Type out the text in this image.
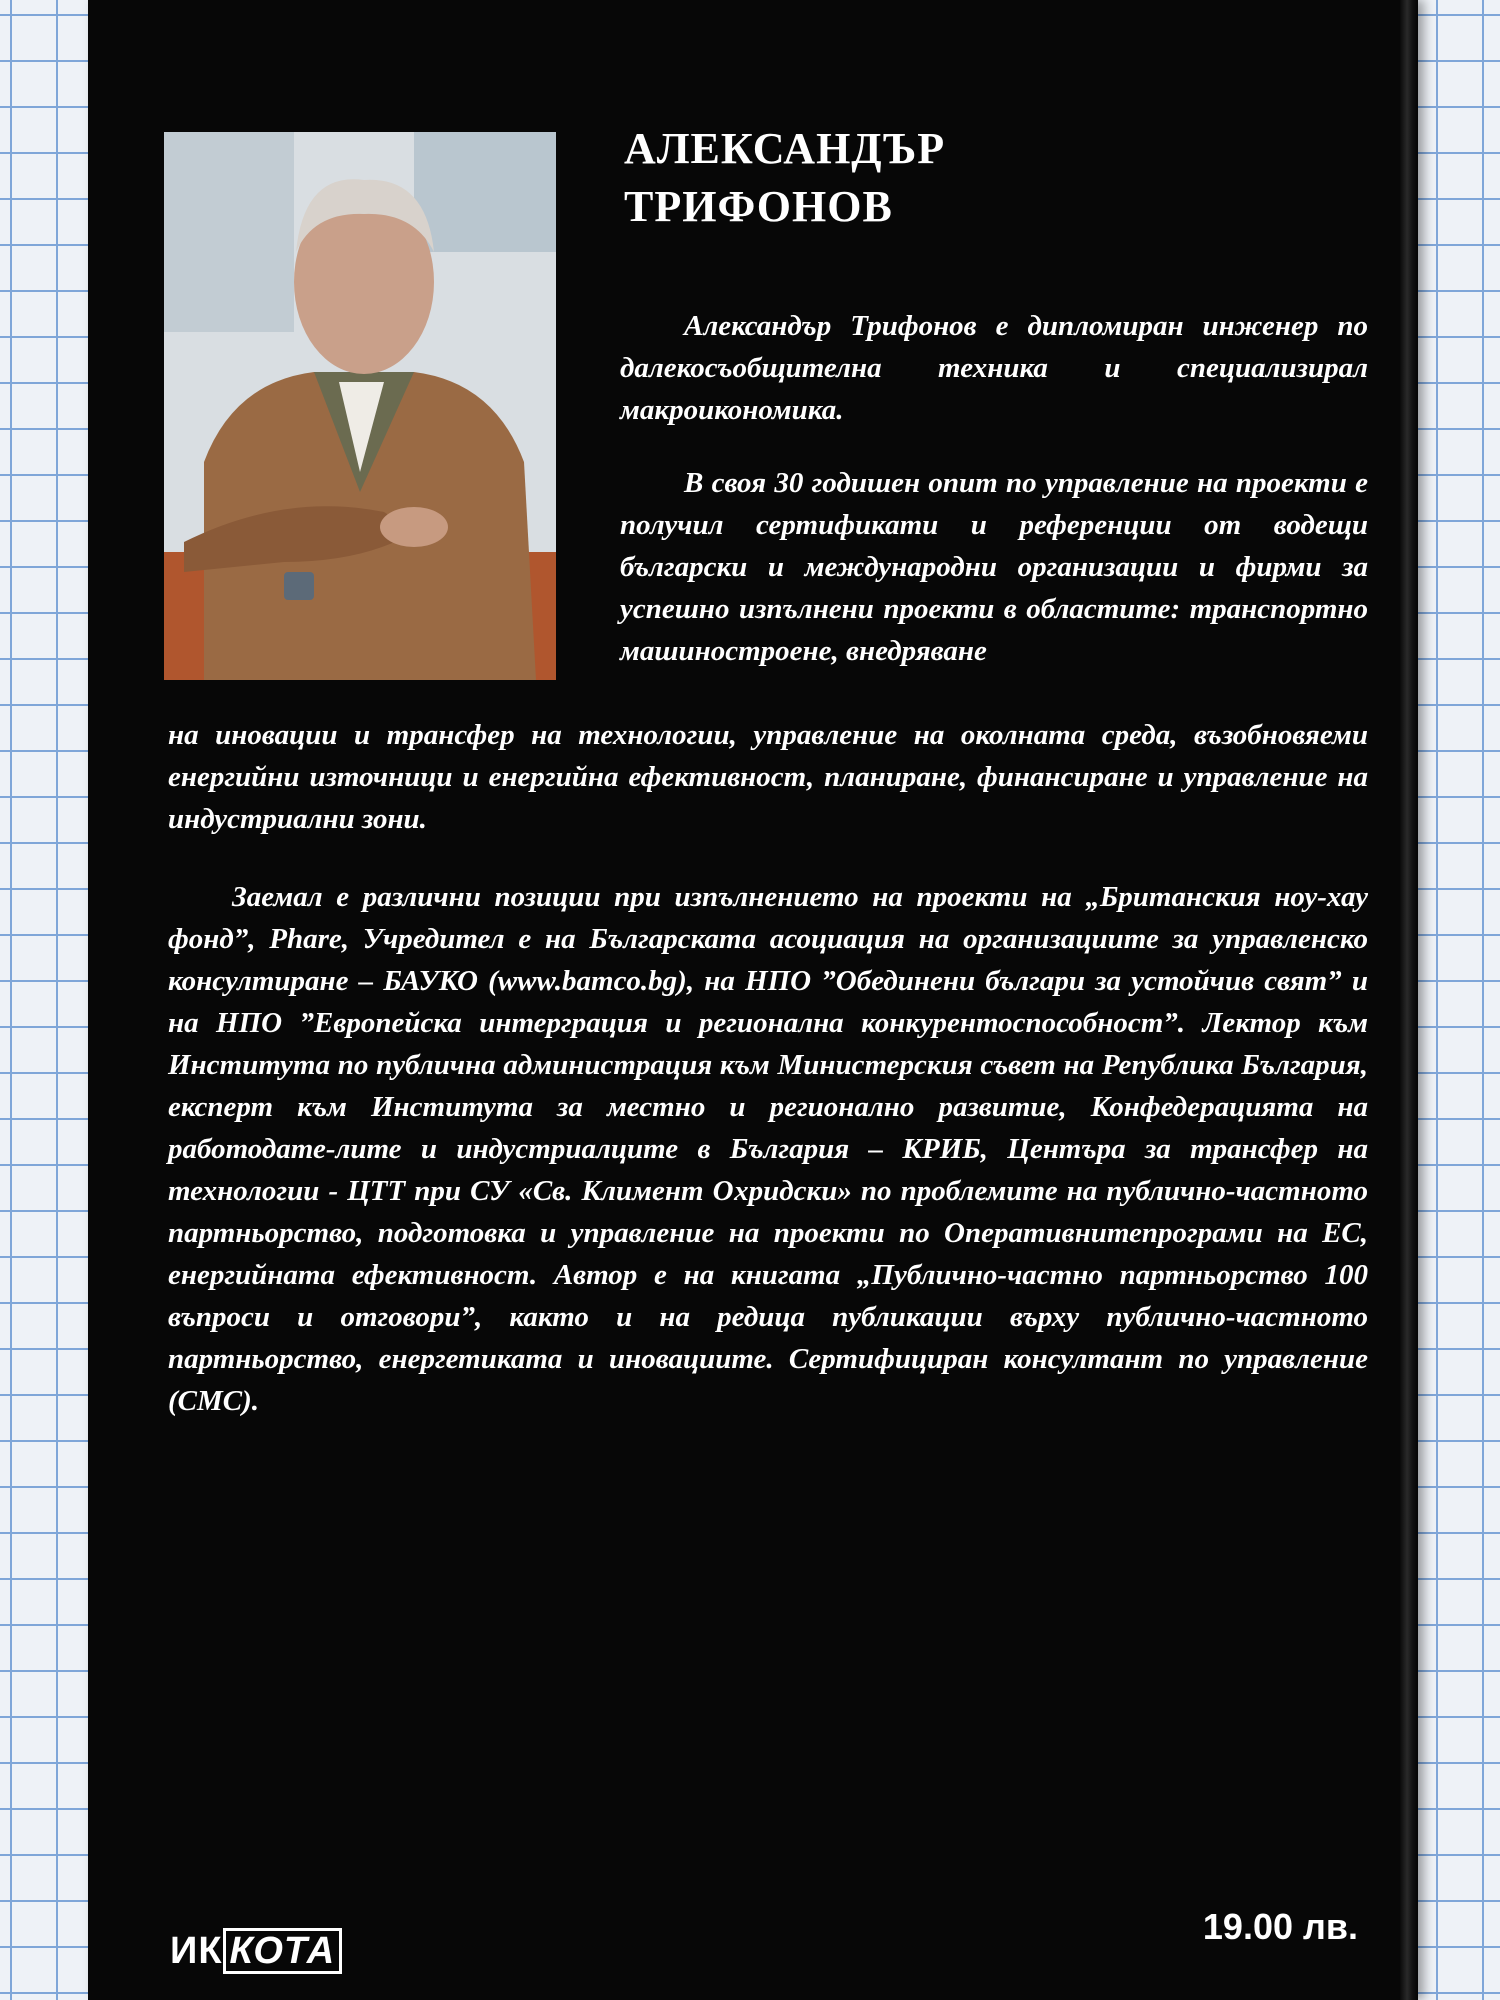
АЛЕКСАНДЪР
ТРИФОНОВ

Александър Трифонов е дипломиран инженер по далекосъобщителна техника и специализирал макроикономика.

В своя 30 годишен опит по управление на проекти е получил сертификати и референции от водещи български и международни организации и фирми за успешно изпълнени проекти в областите: транспортно машиностроене, внедряване

на иновации и трансфер на технологии, управление на околната среда, възобновяеми енергийни източници и енергийна ефективност, планиране, финансиране и управление на индустриални зони.

Заемал е различни позиции при изпълнението на проекти на „Британския ноу-хау фонд”, Phare, Учредител е на Българската асоциация на организациите за управленско консултиране – БАУКО (www.bamco.bg), на НПО ”Обединени българи за устойчив свят” и на НПО ”Европейска интерграция и регионална конкурентоспособност”. Лектор към Института по публична администрация към Министерския съвет на Република България, експерт към Института за местно и регионално развитие, Конфедерацията на работодате-лите и индустриалците в България – КРИБ, Центъра за трансфер на технологии - ЦТТ при СУ «Св. Климент Охридски» по проблемите на публично-частното партньорство, подготовка и управление на проекти по Оперативнитепрограми на ЕС, енергийната ефективност. Автор е на книгата „Публично-частно партньорство 100 въпроси и отговори”, както и на редица публикации върху публично-частното партньорство, енергетиката и иновациите. Сертифициран консултант по управление (СМС).

ИК КОТА
19.00 лв.
